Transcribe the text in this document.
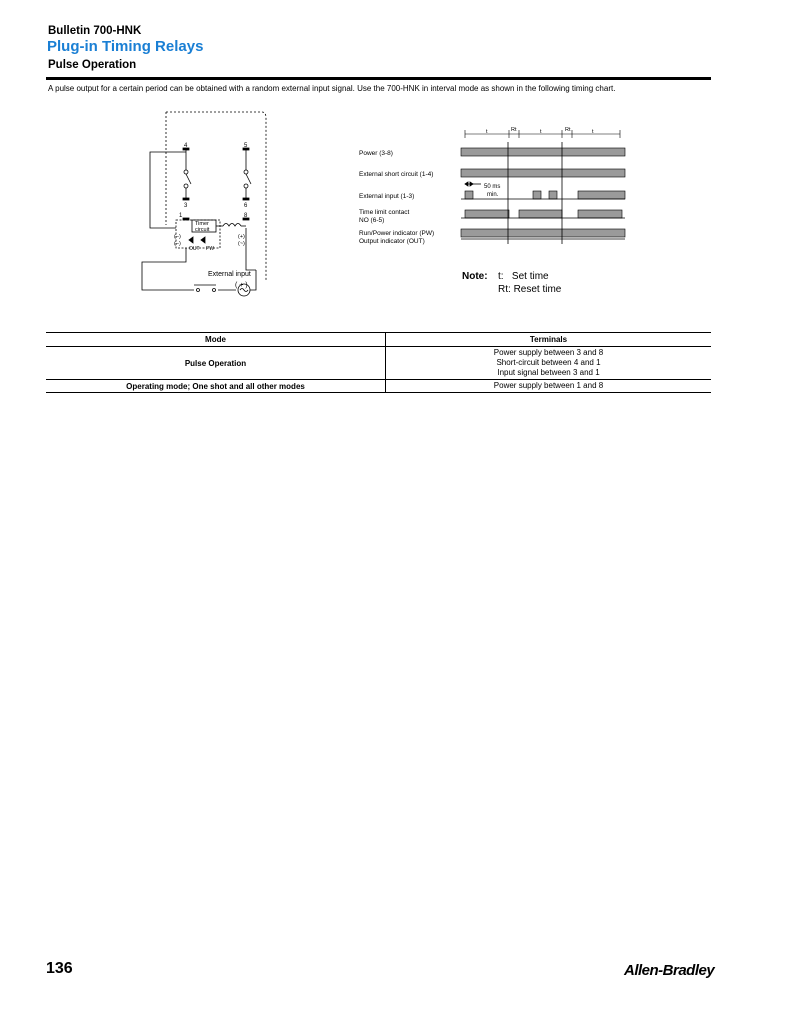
Bulletin 700-HNK
Plug-in Timing Relays
Pulse Operation
A pulse output for a certain period can be obtained with a random external input signal. Use the 700-HNK in interval mode as shown in the following timing chart.
4	5
1
3	6
8
Timer
circuit
(−)
(−)
(+)
(~)
OUT PW
External input
( + )
Power (3-8)
External short circuit (1-4)
External input (1-3)
Time limit contact
NO (6-5)
Run/Power indicator (PW)
Output indicator (OUT)
50 ms
min.
t	Rt	t	Rt	t
Note: t: Set time
Rt: Reset time
Mode	Terminals
Pulse Operation	Power supply between 3 and 8
Short-circuit between 4 and 1
Input signal between 3 and 1

Operating mode; One shot and all other modes	Power supply between 1 and 8
136	Allen-Bradley
